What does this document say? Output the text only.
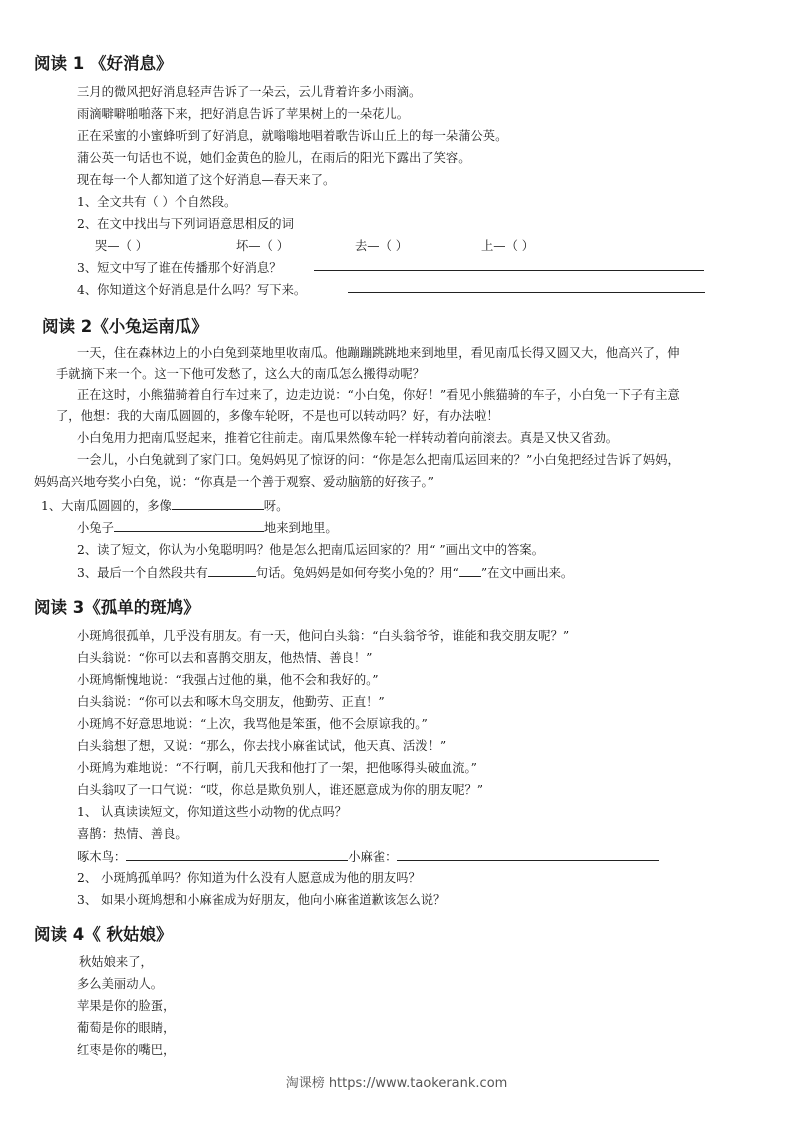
阅读 1 《好消息》
三月的微风把好消息轻声告诉了一朵云，云儿背着许多小雨滴。
雨滴噼噼啪啪落下来，把好消息告诉了苹果树上的一朵花儿。
正在采蜜的小蜜蜂听到了好消息，就嗡嗡地唱着歌告诉山丘上的每一朵蒲公英。
蒲公英一句话也不说，她们金黄色的脸儿，在雨后的阳光下露出了笑容。
现在每一个人都知道了这个好消息—春天来了。
1、全文共有（ ）个自然段。
2、在文中找出与下列词语意思相反的词
哭—（ ）	坏—（ ）	去—（ ）	上—（ ）
3、短文中写了谁在传播那个好消息？
4、你知道这个好消息是什么吗？写下来。
阅读 2《小兔运南瓜》
一天，住在森林边上的小白兔到菜地里收南瓜。他蹦蹦跳跳地来到地里，看见南瓜长得又圆又大，他高兴了，伸
手就摘下来一个。这一下他可发愁了，这么大的南瓜怎么搬得动呢？
正在这时，小熊猫骑着自行车过来了，边走边说：“小白兔，你好！”看见小熊猫骑的车子，小白兔一下子有主意
了，他想：我的大南瓜圆圆的，多像车轮呀，不是也可以转动吗？好，有办法啦！
小白兔用力把南瓜竖起来，推着它往前走。南瓜果然像车轮一样转动着向前滚去。真是又快又省劲。
一会儿，小白兔就到了家门口。兔妈妈见了惊讶的问：“你是怎么把南瓜运回来的？”小白兔把经过告诉了妈妈，
妈妈高兴地夸奖小白兔，说：“你真是一个善于观察、爱动脑筋的好孩子。”
1、大南瓜圆圆的，多像	呀。
小兔子	地来到地里。
2、读了短文，你认为小兔聪明吗？他是怎么把南瓜运回家的？用“ ”画出文中的答案。
3、最后一个自然段共有	句话。兔妈妈是如何夸奖小兔的？用“ ”在文中画出来。
阅读 3《孤单的斑鸠》
小斑鸠很孤单，几乎没有朋友。有一天，他问白头翁：“白头翁爷爷，谁能和我交朋友呢？”
白头翁说：“你可以去和喜鹊交朋友，他热情、善良！”
小斑鸠惭愧地说：“我强占过他的巢，他不会和我好的。”
白头翁说：“你可以去和啄木鸟交朋友，他勤劳、正直！”
小斑鸠不好意思地说：“上次，我骂他是笨蛋，他不会原谅我的。”
白头翁想了想，又说：“那么，你去找小麻雀试试，他天真、活泼！”
小斑鸠为难地说：“不行啊，前几天我和他打了一架，把他啄得头破血流。”
白头翁叹了一口气说：“哎，你总是欺负别人，谁还愿意成为你的朋友呢？”
1、 认真读读短文，你知道这些小动物的优点吗？
喜鹊：热情、善良。
啄木鸟：	小麻雀：
2、 小斑鸠孤单吗？你知道为什么没有人愿意成为他的朋友吗？
3、 如果小斑鸠想和小麻雀成为好朋友，他向小麻雀道歉该怎么说？
阅读 4《 秋姑娘》
秋姑娘来了，
多么美丽动人。
苹果是你的脸蛋，
葡萄是你的眼睛，
红枣是你的嘴巴，
淘课榜 https://www.taokerank.com
